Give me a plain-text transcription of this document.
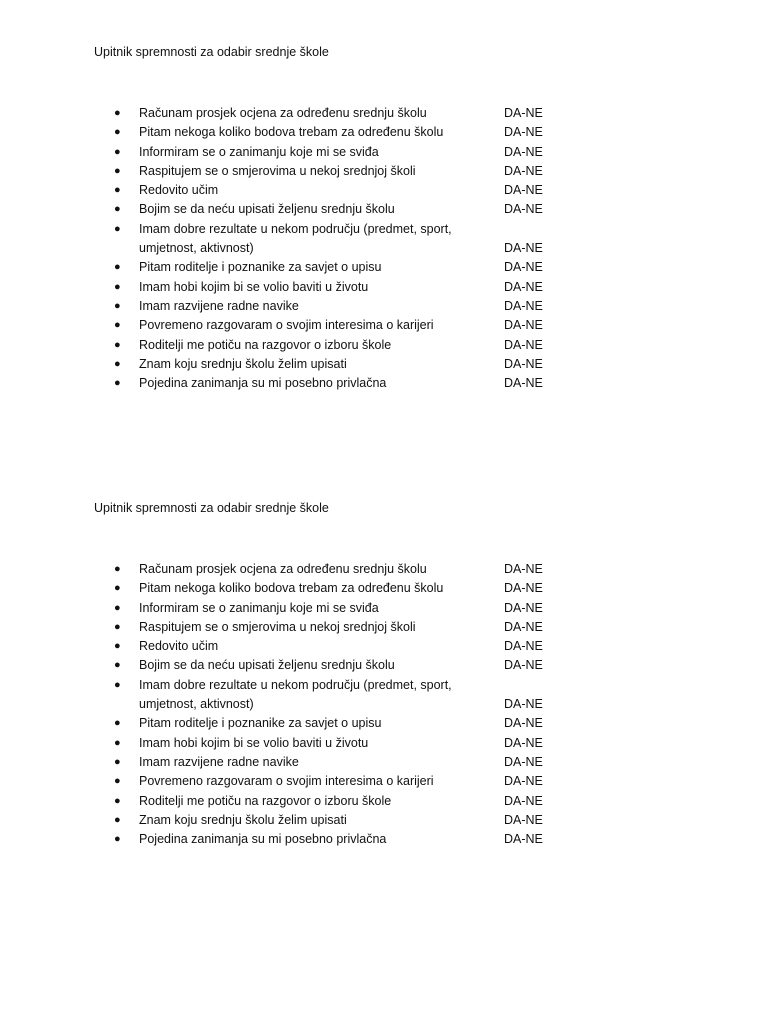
Upitnik spremnosti za odabir srednje škole
● Računam prosjek ocjena za određenu srednju školu	DA-NE
● Pitam nekoga koliko bodova trebam za određenu školu	DA-NE
● Informiram se o zanimanju koje mi se sviđa	DA-NE
● Raspitujem se o smjerovima u nekoj srednjoj školi	DA-NE
● Redovito učim	DA-NE
● Bojim se da neću upisati željenu srednju školu	DA-NE
● Imam dobre rezultate u nekom području (predmet, sport,
umjetnost, aktivnost)	DA-NE
● Pitam roditelje i poznanike za savjet o upisu	DA-NE
● Imam hobi kojim bi se volio baviti u životu	DA-NE
● Imam razvijene radne navike	DA-NE
● Povremeno razgovaram o svojim interesima o karijeri	DA-NE
● Roditelji me potiču na razgovor o izboru škole	DA-NE
● Znam koju srednju školu želim upisati	DA-NE
● Pojedina zanimanja su mi posebno privlačna	DA-NE
Upitnik spremnosti za odabir srednje škole
● Računam prosjek ocjena za određenu srednju školu	DA-NE
● Pitam nekoga koliko bodova trebam za određenu školu	DA-NE
● Informiram se o zanimanju koje mi se sviđa	DA-NE
● Raspitujem se o smjerovima u nekoj srednjoj školi	DA-NE
● Redovito učim	DA-NE
● Bojim se da neću upisati željenu srednju školu	DA-NE
● Imam dobre rezultate u nekom području (predmet, sport,
umjetnost, aktivnost)	DA-NE
● Pitam roditelje i poznanike za savjet o upisu	DA-NE
● Imam hobi kojim bi se volio baviti u životu	DA-NE
● Imam razvijene radne navike	DA-NE
● Povremeno razgovaram o svojim interesima o karijeri	DA-NE
● Roditelji me potiču na razgovor o izboru škole	DA-NE
● Znam koju srednju školu želim upisati	DA-NE
● Pojedina zanimanja su mi posebno privlačna	DA-NE
